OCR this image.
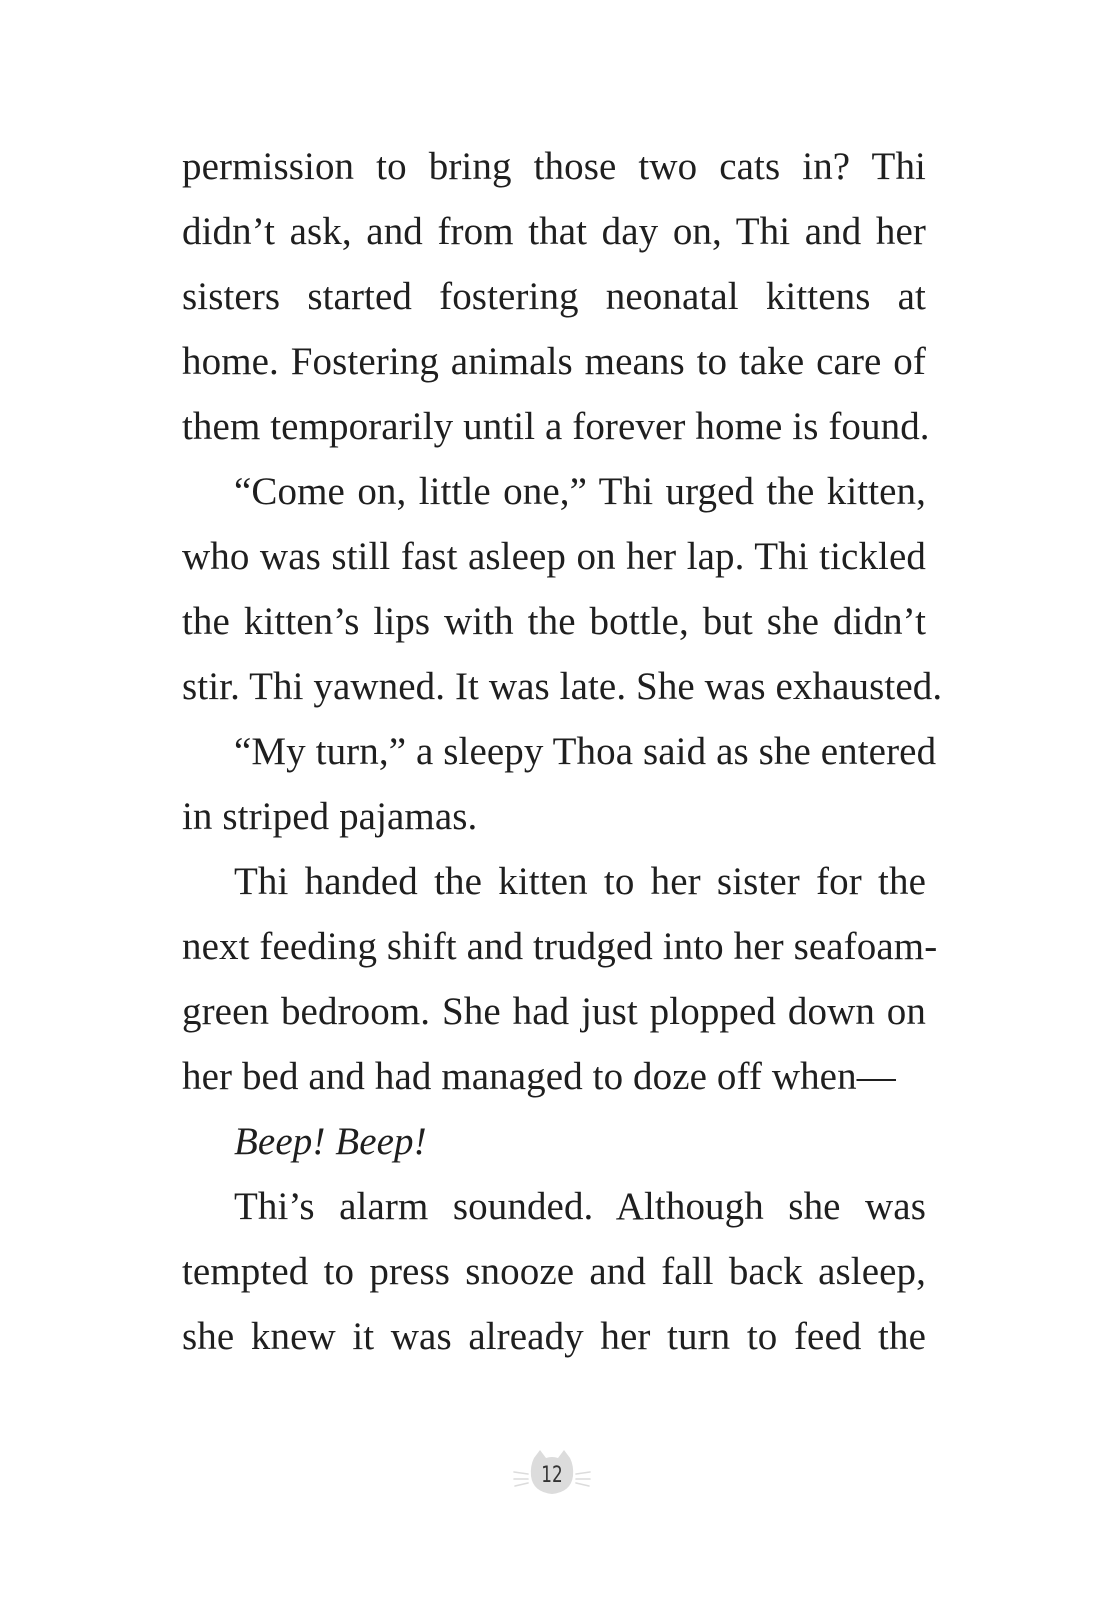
permission to bring those two cats in? Thi
didn’t ask, and from that day on, Thi and her
sisters started fostering neonatal kittens at
home. Fostering animals means to take care of
them temporarily until a forever home is found.
“Come on, little one,” Thi urged the kitten,
who was still fast asleep on her lap. Thi tickled
the kitten’s lips with the bottle, but she didn’t
stir. Thi yawned. It was late. She was exhausted.
“My turn,” a sleepy Thoa said as she entered
in striped pajamas.
Thi handed the kitten to her sister for the
next feeding shift and trudged into her seafoam-
green bedroom. She had just plopped down on
her bed and had managed to doze off when—
Beep! Beep!
Thi’s alarm sounded. Although she was
tempted to press snooze and fall back asleep,
she knew it was already her turn to feed the
12
